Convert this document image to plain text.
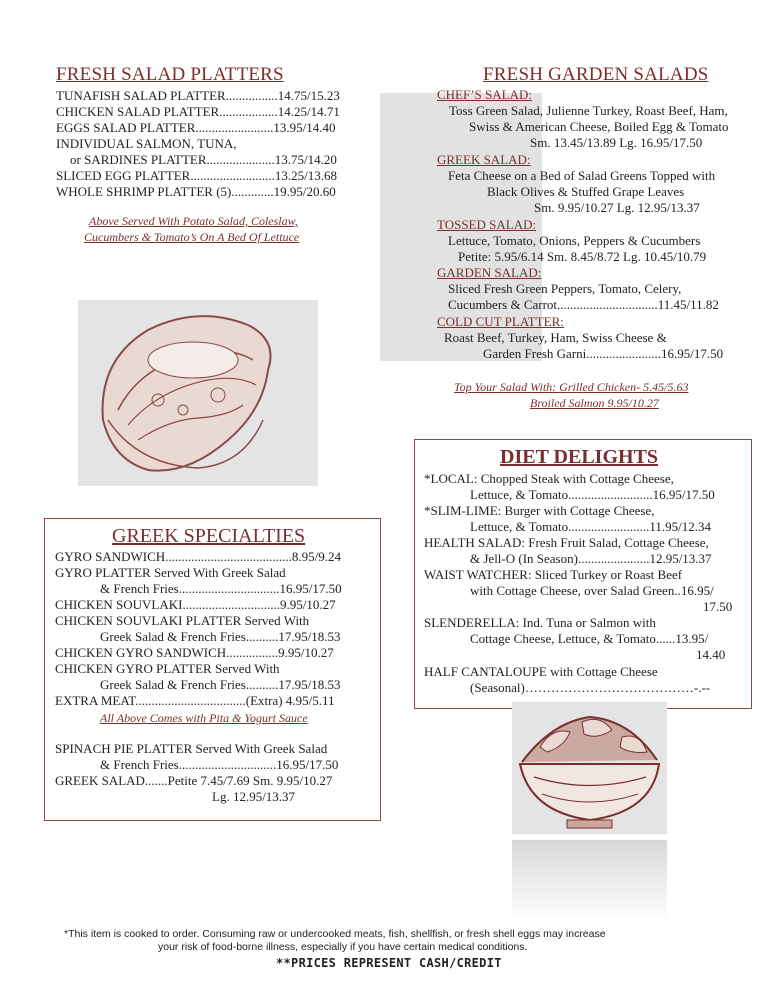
FRESH SALAD PLATTERS
TUNAFISH SALAD PLATTER................14.75/15.23
CHICKEN SALAD PLATTER..................14.25/14.71
EGGS SALAD PLATTER........................13.95/14.40
INDIVIDUAL SALMON, TUNA,
or SARDINES PLATTER.....................13.75/14.20
SLICED EGG PLATTER..........................13.25/13.68
WHOLE SHRIMP PLATTER (5).............19.95/20.60
Above Served With Potato Salad, Coleslaw,
Cucumbers & Tomato’s On A Bed Of Lettuce
FRESH GARDEN SALADS
CHEF’S SALAD:
Toss Green Salad, Julienne Turkey, Roast Beef, Ham,
Swiss & American Cheese, Boiled Egg & Tomato
Sm. 13.45/13.89 Lg. 16.95/17.50
GREEK SALAD:
Feta Cheese on a Bed of Salad Greens Topped with
Black Olives & Stuffed Grape Leaves
Sm. 9.95/10.27 Lg. 12.95/13.37
TOSSED SALAD:
Lettuce, Tomato, Onions, Peppers & Cucumbers
Petite: 5.95/6.14 Sm. 8.45/8.72 Lg. 10.45/10.79
GARDEN SALAD:
Sliced Fresh Green Peppers, Tomato, Celery,
Cucumbers & Carrot...............................11.45/11.82
COLD CUT PLATTER:
Roast Beef, Turkey, Ham, Swiss Cheese &
Garden Fresh Garni.......................16.95/17.50
Top Your Salad With: Grilled Chicken- 5.45/5.63
Broiled Salmon 9.95/10.27
DIET DELIGHTS
*LOCAL: Chopped Steak with Cottage Cheese,
Lettuce, & Tomato..........................16.95/17.50
*SLIM-LIME: Burger with Cottage Cheese,
Lettuce, & Tomato.........................11.95/12.34
HEALTH SALAD: Fresh Fruit Salad, Cottage Cheese,
& Jell-O (In Season)......................12.95/13.37
WAIST WATCHER: Sliced Turkey or Roast Beef
with Cottage Cheese, over Salad Green..16.95/
17.50
SLENDERELLA: Ind. Tuna or Salmon with
Cottage Cheese, Lettuce, & Tomato......13.95/
14.40
HALF CANTALOUPE with Cottage Cheese
(Seasonal)…………………………………-.--
GREEK SPECIALTIES
GYRO SANDWICH.......................................8.95/9.24
GYRO PLATTER Served With Greek Salad
& French Fries...............................16.95/17.50
CHICKEN SOUVLAKI..............................9.95/10.27
CHICKEN SOUVLAKI PLATTER Served With
Greek Salad & French Fries..........17.95/18.53
CHICKEN GYRO SANDWICH................9.95/10.27
CHICKEN GYRO PLATTER Served With
Greek Salad & French Fries..........17.95/18.53
EXTRA MEAT..................................(Extra) 4.95/5.11
All Above Comes with Pita & Yogurt Sauce
SPINACH PIE PLATTER Served With Greek Salad
& French Fries..............................16.95/17.50
GREEK SALAD.......Petite 7.45/7.69 Sm. 9.95/10.27
Lg. 12.95/13.37
*This item is cooked to order. Consuming raw or undercooked meats, fish, shellfish, or fresh shell eggs may increase
your risk of food-borne illness, especially if you have certain medical conditions.
**PRICES REPRESENT CASH/CREDIT
